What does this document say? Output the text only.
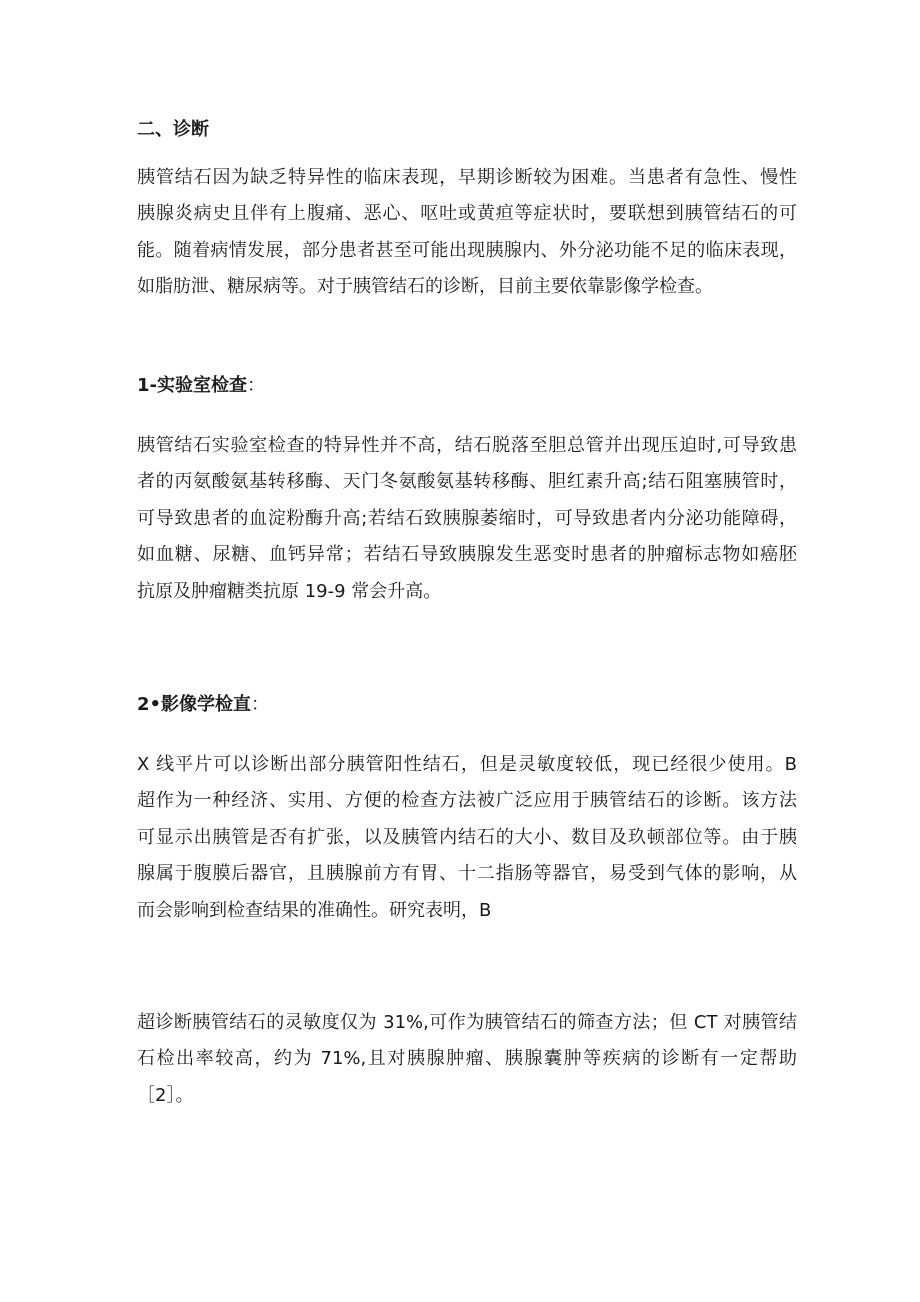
二、诊断
胰管结石因为缺乏特异性的临床表现，早期诊断较为困难。当患者有急性、慢性
胰腺炎病史且伴有上腹痛、恶心、呕吐或黄疸等症状时，要联想到胰管结石的可
能。随着病情发展，部分患者甚至可能出现胰腺内、外分泌功能不足的临床表现，
如脂肪泄、糖尿病等。对于胰管结石的诊断，目前主要依靠影像学检查。
1-实验室检查：
胰管结石实验室检查的特异性并不高，结石脱落至胆总管并出现压迫时,可导致患
者的丙氨酸氨基转移酶、天门冬氨酸氨基转移酶、胆红素升高;结石阻塞胰管时，
可导致患者的血淀粉酶升高;若结石致胰腺萎缩时，可导致患者内分泌功能障碍，
如血糖、尿糖、血钙异常；若结石导致胰腺发生恶变时患者的肿瘤标志物如癌胚
抗原及肿瘤糖类抗原 19-9 常会升高。
2•影像学检直：
X 线平片可以诊断出部分胰管阳性结石，但是灵敏度较低，现已经很少使用。B
超作为一种经济、实用、方便的检查方法被广泛应用于胰管结石的诊断。该方法
可显示出胰管是否有扩张，以及胰管内结石的大小、数目及玖顿部位等。由于胰
腺属于腹膜后器官，且胰腺前方有胃、十二指肠等器官，易受到气体的影响，从
而会影响到检查结果的准确性。研究表明，B
超诊断胰管结石的灵敏度仅为 31%,可作为胰管结石的筛查方法；但 CT 对胰管结
石检出率较高，约为 71%,且对胰腺肿瘤、胰腺囊肿等疾病的诊断有一定帮助
［2］。
